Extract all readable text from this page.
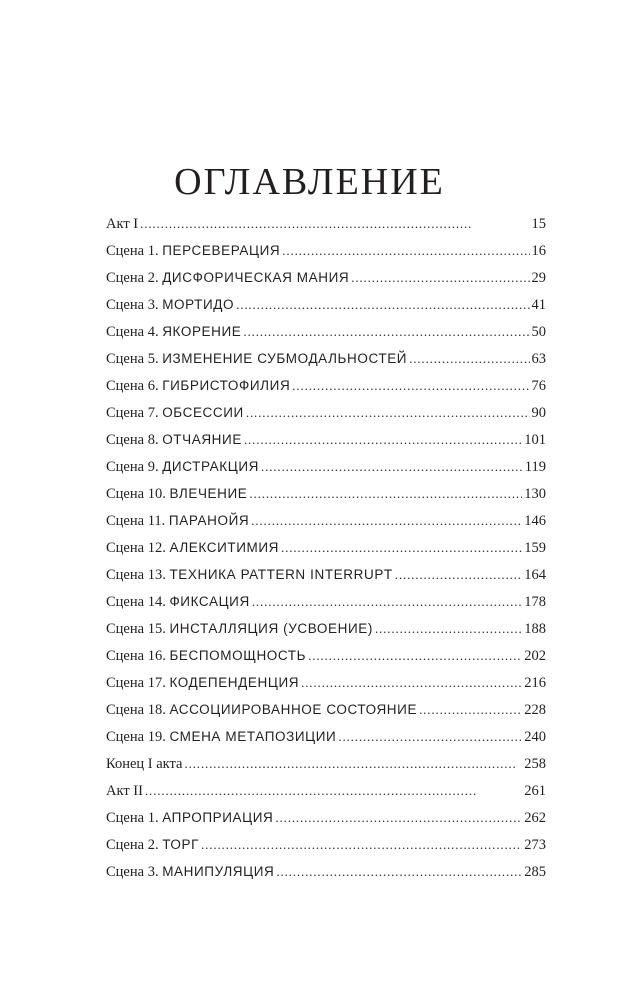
ОГЛАВЛЕНИЕ
Акт I . . .	15
Сцена 1. ПЕРСЕВЕРАЦИЯ . . .	16
Сцена 2. ДИСФОРИЧЕСКАЯ МАНИЯ . . .	29
Сцена 3. МОРТИДО . . .	41
Сцена 4. ЯКОРЕНИЕ . . .	50
Сцена 5. ИЗМЕНЕНИЕ СУБМОДАЛЬНОСТЕЙ . . .	63
Сцена 6. ГИБРИСТОФИЛИЯ . . .	76
Сцена 7. ОБСЕССИИ . . .	90
Сцена 8. ОТЧАЯНИЕ . . .	101
Сцена 9. ДИСТРАКЦИЯ . . .	119
Сцена 10. ВЛЕЧЕНИЕ . . .	130
Сцена 11. ПАРАНОЙЯ . . .	146
Сцена 12. АЛЕКСИТИМИЯ . . .	159
Сцена 13. ТЕХНИКА PATTERN INTERRUPT . . .	164
Сцена 14. ФИКСАЦИЯ . . .	178
Сцена 15. ИНСТАЛЛЯЦИЯ (УСВОЕНИЕ) . . .	188
Сцена 16. БЕСПОМОЩНОСТЬ . . .	202
Сцена 17. КОДЕПЕНДЕНЦИЯ . . .	216
Сцена 18. АССОЦИИРОВАННОЕ СОСТОЯНИЕ . . .	228
Сцена 19. СМЕНА МЕТАПОЗИЦИИ . . .	240
Конец I акта . . .	258
Акт II . . .	261
Сцена 1. АПРОПРИАЦИЯ . . .	262
Сцена 2. ТОРГ . . .	273
Сцена 3. МАНИПУЛЯЦИЯ . . .	285
